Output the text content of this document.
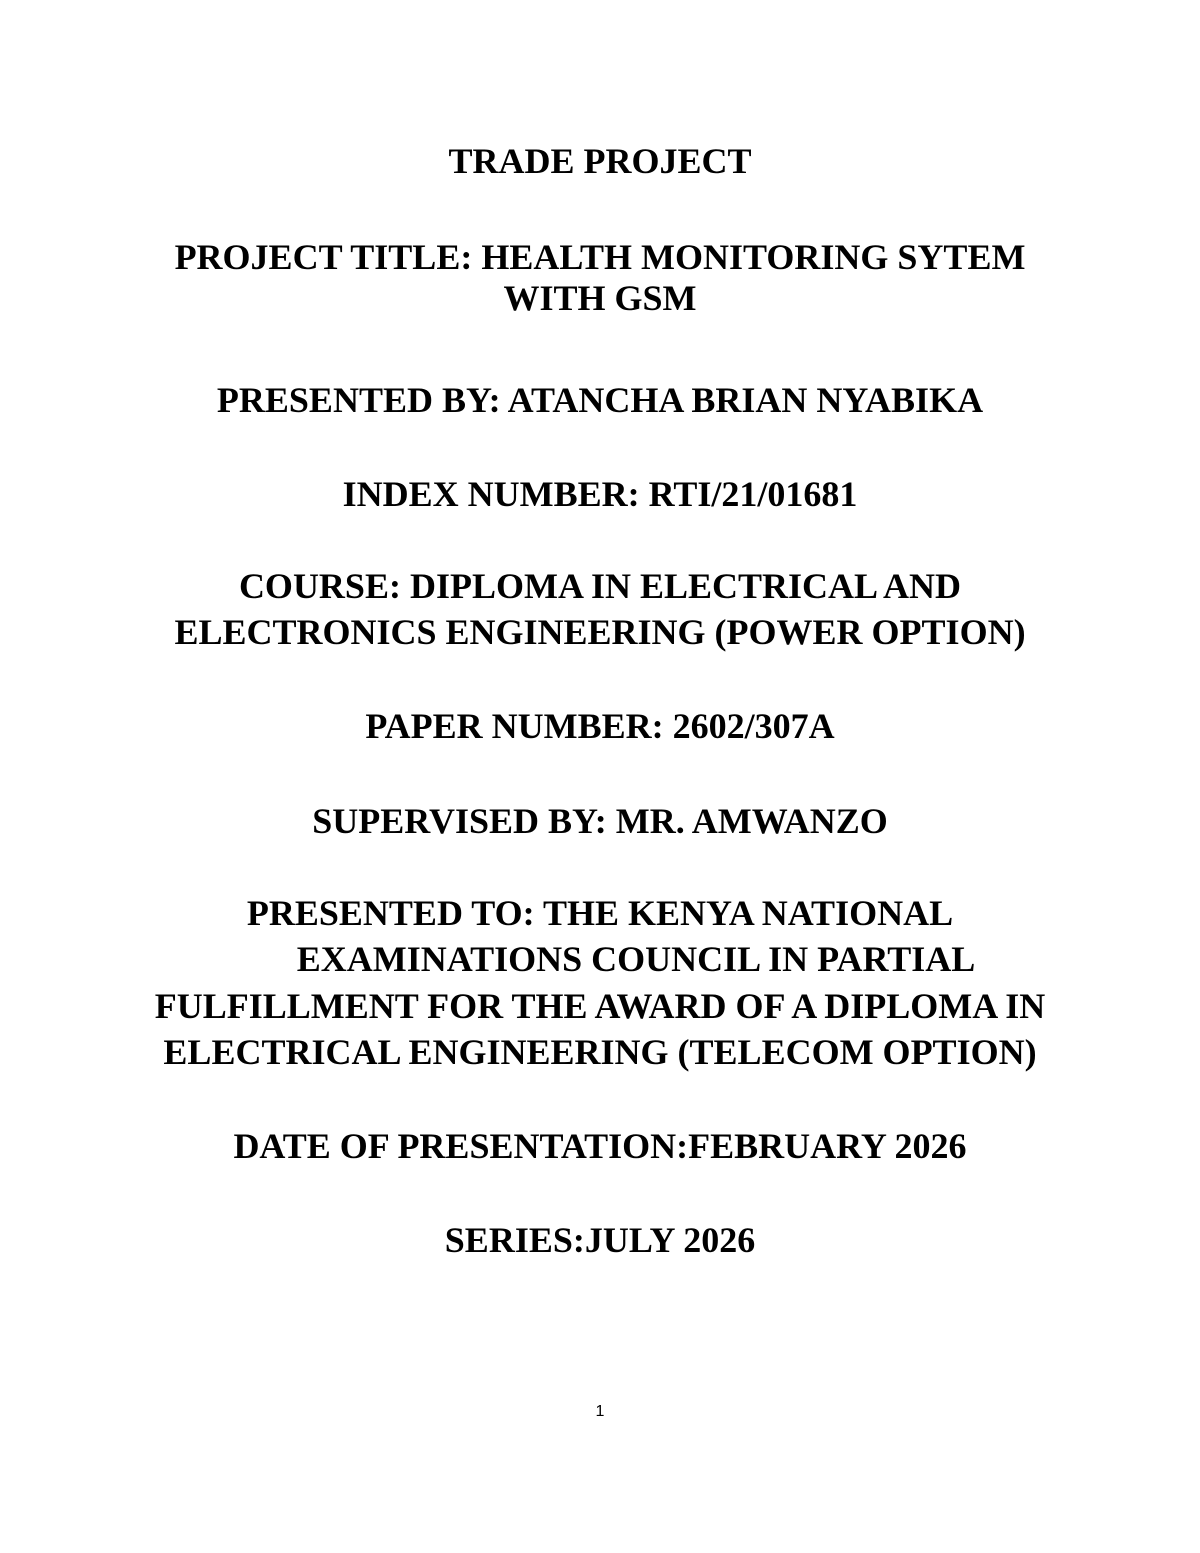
TRADE PROJECT
PROJECT TITLE: HEALTH MONITORING SYTEM
WITH GSM
PRESENTED BY: ATANCHA BRIAN NYABIKA
INDEX NUMBER: RTI/21/01681
COURSE: DIPLOMA IN ELECTRICAL AND
ELECTRONICS ENGINEERING (POWER OPTION)
PAPER NUMBER: 2602/307A
SUPERVISED BY: MR. AMWANZO
PRESENTED TO: THE KENYA NATIONAL
EXAMINATIONS COUNCIL IN PARTIAL
FULFILLMENT FOR THE AWARD OF A DIPLOMA IN
ELECTRICAL ENGINEERING (TELECOM OPTION)
DATE OF PRESENTATION:FEBRUARY 2026
SERIES:JULY 2026
1
